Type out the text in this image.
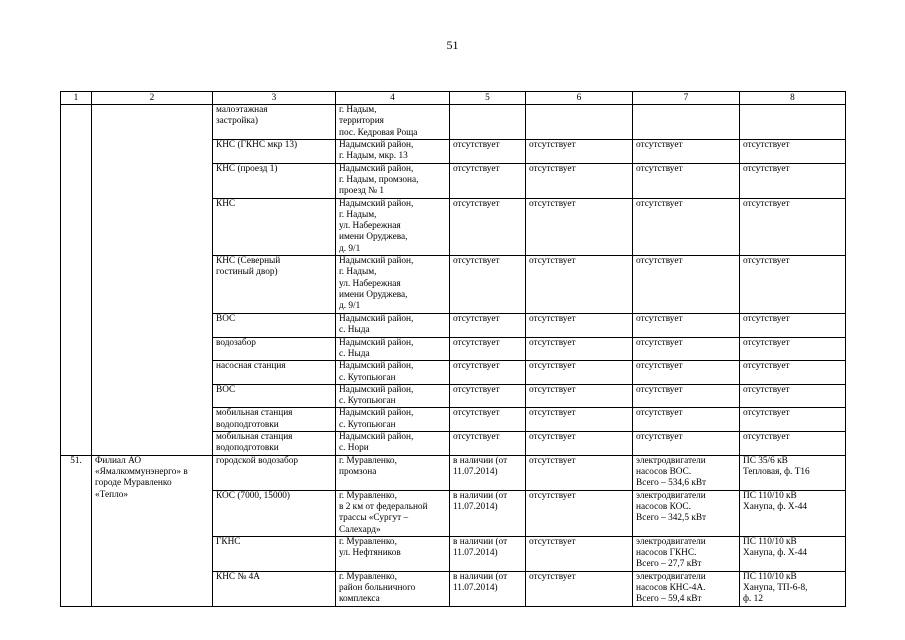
51
1	2	3	4	5	6	7	8
		малоэтажная
застройка)	г. Надым,
территория
пос. Кедровая Роща				
		КНС (ГКНС мкр 13)	Надымский район,
г. Надым, мкр. 13	отсутствует	отсутствует	отсутствует	отсутствует
		КНС (проезд 1)	Надымский район,
г. Надым, промзона,
проезд № 1	отсутствует	отсутствует	отсутствует	отсутствует
		КНС	Надымский район,
г. Надым,
ул. Набережная
имени Оруджева,
д. 9/1	отсутствует	отсутствует	отсутствует	отсутствует
		КНС (Северный
гостиный двор)	Надымский район,
г. Надым,
ул. Набережная
имени Оруджева,
д. 9/1	отсутствует	отсутствует	отсутствует	отсутствует
		ВОС	Надымский район,
с. Ныда	отсутствует	отсутствует	отсутствует	отсутствует
		водозабор	Надымский район,
с. Ныда	отсутствует	отсутствует	отсутствует	отсутствует
		насосная станция	Надымский район,
с. Кутопьюган	отсутствует	отсутствует	отсутствует	отсутствует
		ВОС	Надымский район,
с. Кутопьюган	отсутствует	отсутствует	отсутствует	отсутствует
		мобильная станция
водоподготовки	Надымский район,
с. Кутопьюган	отсутствует	отсутствует	отсутствует	отсутствует
		мобильная станция
водоподготовки	Надымский район,
с. Нори	отсутствует	отсутствует	отсутствует	отсутствует
51.	Филиал АО
«Ямалкоммунэнерго» в
городе Муравленко
«Тепло»	городской водозабор	г. Муравленко,
промзона	в наличии (от
11.07.2014)	отсутствует	электродвигатели
насосов ВОС.
Всего – 534,6 кВт	ПС 35/6 кВ
Тепловая, ф. Т16
		КОС (7000, 15000)	г. Муравленко,
в 2 км от федеральной
трассы «Сургут –
Салехард»	в наличии (от
11.07.2014)	отсутствует	электродвигатели
насосов КОС.
Всего – 342,5 кВт	ПС 110/10 кВ
Ханупа, ф. Х-44
		ГКНС	г. Муравленко,
ул. Нефтяников	в наличии (от
11.07.2014)	отсутствует	электродвигатели
насосов ГКНС.
Всего – 27,7 кВт	ПС 110/10 кВ
Ханупа, ф. Х-44
		КНС № 4А	г. Муравленко,
район больничного
комплекса	в наличии (от
11.07.2014)	отсутствует	электродвигатели
насосов КНС-4А.
Всего – 59,4 кВт	ПС 110/10 кВ
Ханупа, ТП-6-8,
ф. 12
